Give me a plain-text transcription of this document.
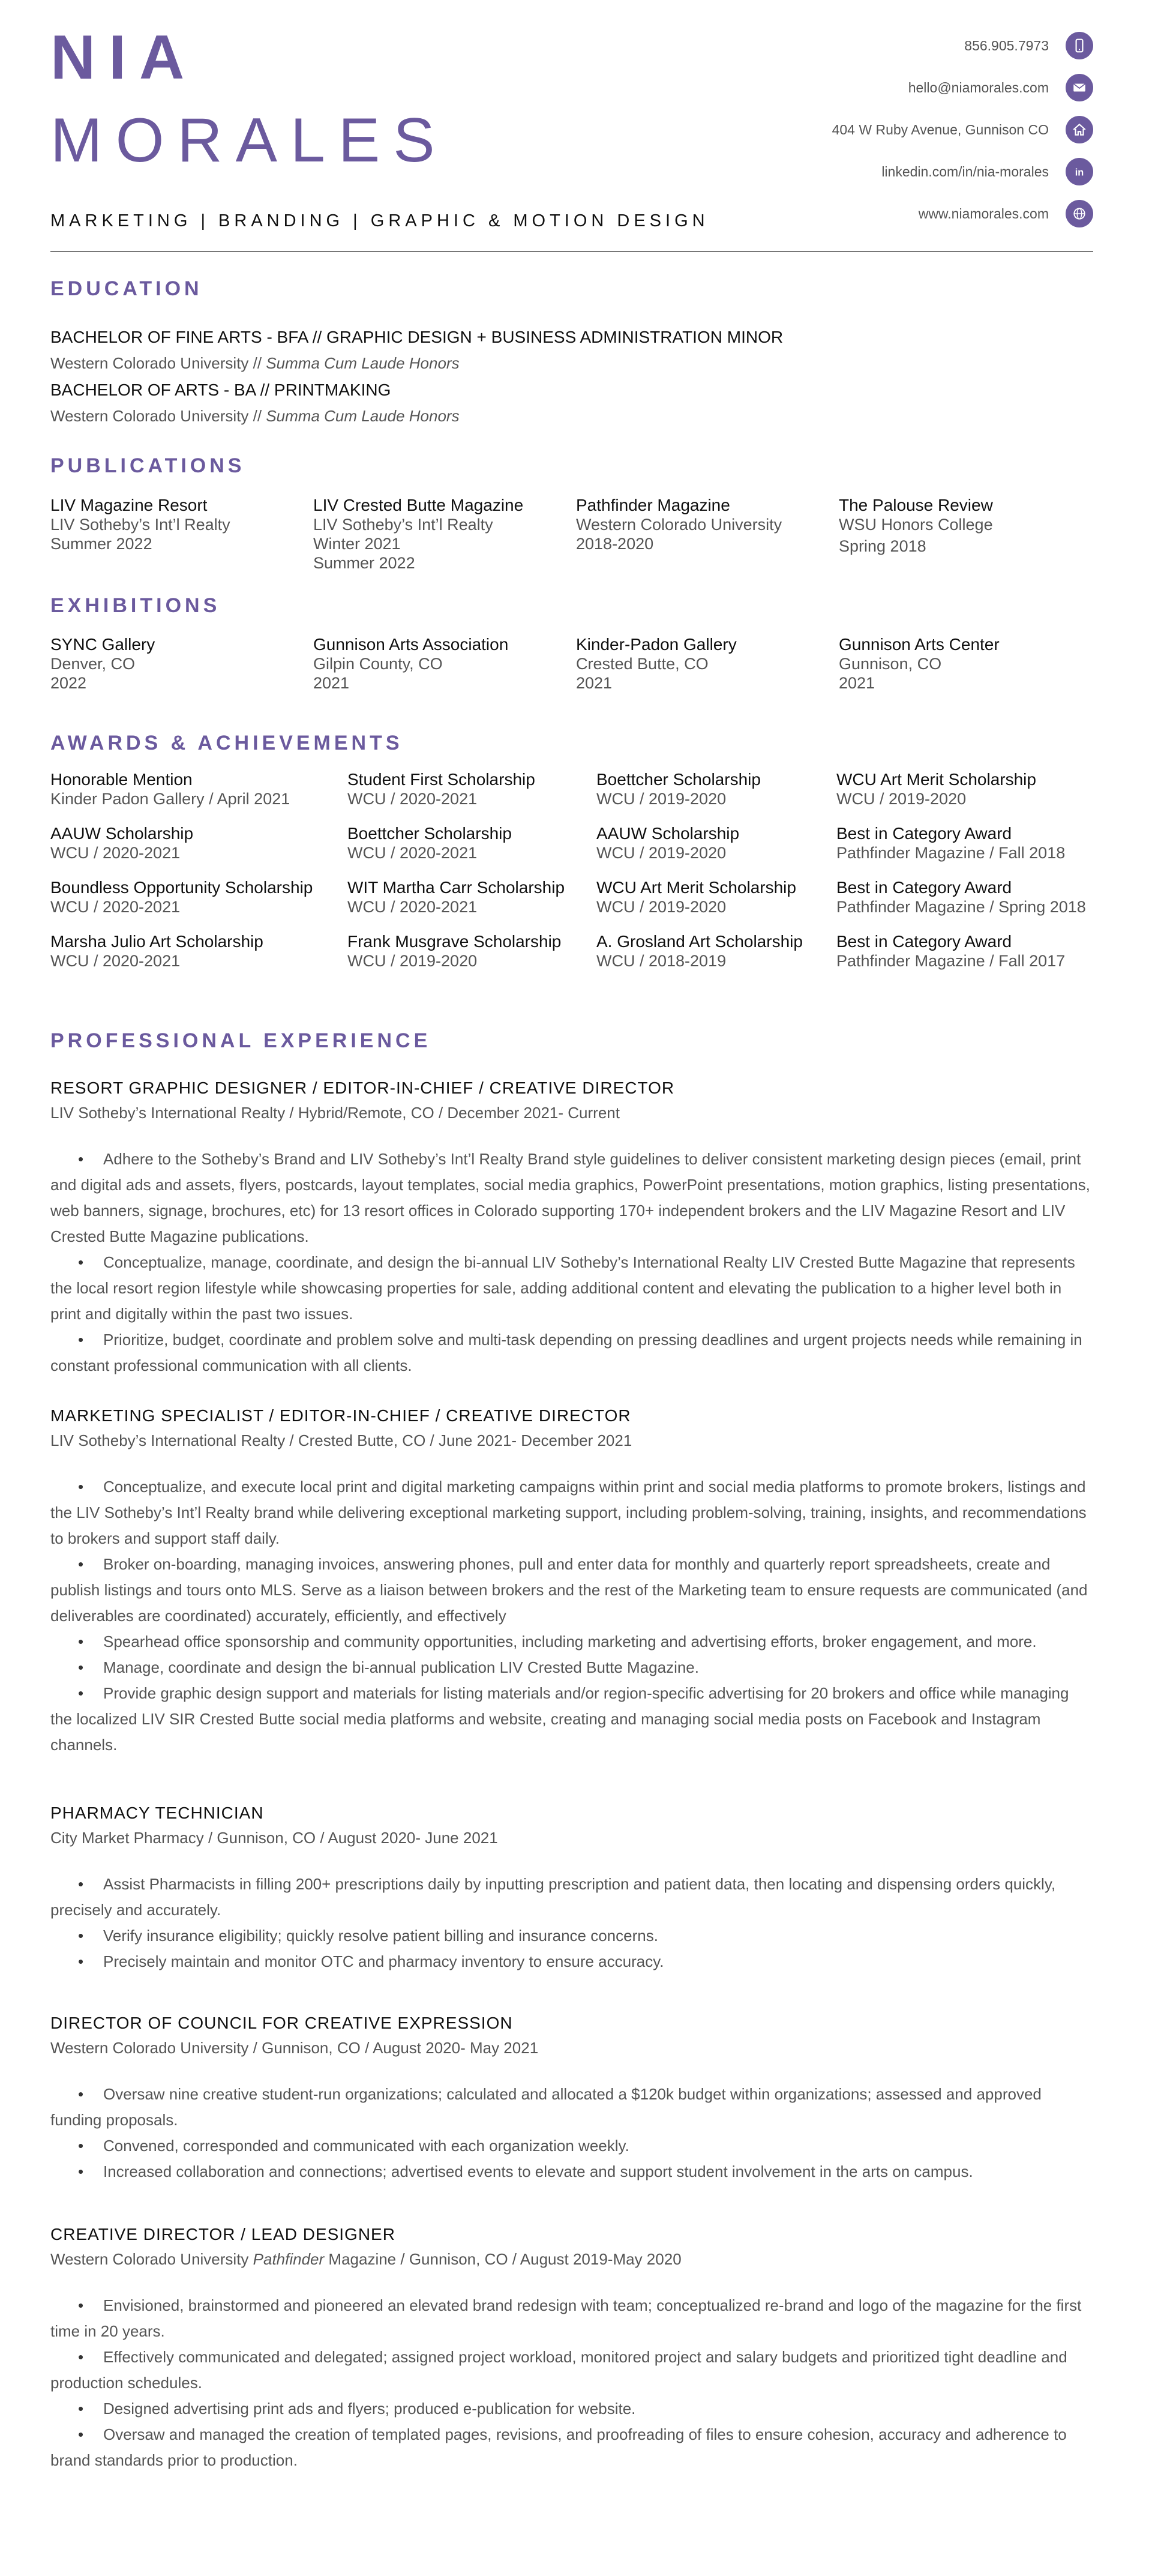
NIA
MORALES

MARKETING | BRANDING | GRAPHIC & MOTION DESIGN

856.905.7973
hello@niamorales.com
404 W Ruby Avenue, Gunnison CO
linkedin.com/in/nia-morales	in
www.niamorales.com
EDUCATION

BACHELOR OF FINE ARTS - BFA // GRAPHIC DESIGN + BUSINESS ADMINISTRATION MINOR

Western Colorado University // Summa Cum Laude Honors

BACHELOR OF ARTS - BA // PRINTMAKING

Western Colorado University // Summa Cum Laude Honors

PUBLICATIONS
LIV Magazine Resort
LIV Sotheby’s Int’l Realty
Summer 2022
LIV Crested Butte Magazine
LIV Sotheby’s Int’l Realty
Winter 2021
Summer 2022
Pathfinder Magazine
Western Colorado University
2018-2020
The Palouse Review
WSU Honors College
Spring 2018
EXHIBITIONS
SYNC Gallery
Denver, CO
2022
Gunnison Arts Association
Gilpin County, CO
2021
Kinder-Padon Gallery
Crested Butte, CO
2021
Gunnison Arts Center
Gunnison, CO
2021
AWARDS & ACHIEVEMENTS
Honorable Mention
Kinder Padon Gallery / April 2021
Student First Scholarship
WCU / 2020-2021
Boettcher Scholarship
WCU / 2019-2020
WCU Art Merit Scholarship
WCU / 2019-2020
AAUW Scholarship
WCU / 2020-2021
Boettcher Scholarship
WCU / 2020-2021
AAUW Scholarship
WCU / 2019-2020
Best in Category Award
Pathfinder Magazine / Fall 2018
Boundless Opportunity Scholarship
WCU / 2020-2021
WIT Martha Carr Scholarship
WCU / 2020-2021
WCU Art Merit Scholarship
WCU / 2019-2020
Best in Category Award
Pathfinder Magazine / Spring 2018
Marsha Julio Art Scholarship
WCU / 2020-2021
Frank Musgrave Scholarship
WCU / 2019-2020
A. Grosland Art Scholarship
WCU / 2018-2019
Best in Category Award
Pathfinder Magazine / Fall 2017
PROFESSIONAL EXPERIENCE
RESORT GRAPHIC DESIGNER / EDITOR-IN-CHIEF / CREATIVE DIRECTOR

LIV Sotheby’s International Realty / Hybrid/Remote, CO / December 2021- Current

• Adhere to the Sotheby’s Brand and LIV Sotheby’s Int’l Realty Brand style guidelines to deliver consistent marketing design pieces (email, print and digital ads and assets, flyers, postcards, layout templates, social media graphics, PowerPoint presentations, motion graphics, listing presentations, web banners, signage, brochures, etc) for 13 resort offices in Colorado supporting 170+ independent brokers and the LIV Magazine Resort and LIV Crested Butte Magazine publications.
• Conceptualize, manage, coordinate, and design the bi-annual LIV Sotheby’s International Realty LIV Crested Butte Magazine that represents the local resort region lifestyle while showcasing properties for sale, adding additional content and elevating the publication to a higher level both in print and digitally within the past two issues.
• Prioritize, budget, coordinate and problem solve and multi-task depending on pressing deadlines and urgent projects needs while remaining in constant professional communication with all clients.
MARKETING SPECIALIST / EDITOR-IN-CHIEF / CREATIVE DIRECTOR

LIV Sotheby’s International Realty / Crested Butte, CO / June 2021- December 2021

• Conceptualize, and execute local print and digital marketing campaigns within print and social media platforms to promote brokers, listings and the LIV Sotheby’s Int’l Realty brand while delivering exceptional marketing support, including problem-solving, training, insights, and recommendations to brokers and support staff daily.
• Broker on-boarding, managing invoices, answering phones, pull and enter data for monthly and quarterly report spreadsheets, create and publish listings and tours onto MLS. Serve as a liaison between brokers and the rest of the Marketing team to ensure requests are communicated (and deliverables are coordinated) accurately, efficiently, and effectively
• Spearhead office sponsorship and community opportunities, including marketing and advertising efforts, broker engagement, and more.
• Manage, coordinate and design the bi-annual publication LIV Crested Butte Magazine.
• Provide graphic design support and materials for listing materials and/or region-specific advertising for 20 brokers and office while managing the localized LIV SIR Crested Butte social media platforms and website, creating and managing social media posts on Facebook and Instagram channels.
PHARMACY TECHNICIAN

City Market Pharmacy / Gunnison, CO / August 2020- June 2021

• Assist Pharmacists in filling 200+ prescriptions daily by inputting prescription and patient data, then locating and dispensing orders quickly, precisely and accurately.
• Verify insurance eligibility; quickly resolve patient billing and insurance concerns.
• Precisely maintain and monitor OTC and pharmacy inventory to ensure accuracy.
DIRECTOR OF COUNCIL FOR CREATIVE EXPRESSION

Western Colorado University / Gunnison, CO / August 2020- May 2021

• Oversaw nine creative student-run organizations; calculated and allocated a $120k budget within organizations; assessed and approved funding proposals.
• Convened, corresponded and communicated with each organization weekly.
• Increased collaboration and connections; advertised events to elevate and support student involvement in the arts on campus.
CREATIVE DIRECTOR / LEAD DESIGNER

Western Colorado University Pathfinder Magazine / Gunnison, CO / August 2019-May 2020

• Envisioned, brainstormed and pioneered an elevated brand redesign with team; conceptualized re-brand and logo of the magazine for the first time in 20 years.
• Effectively communicated and delegated; assigned project workload, monitored project and salary budgets and prioritized tight deadline and production schedules.
• Designed advertising print ads and flyers; produced e-publication for website.
• Oversaw and managed the creation of templated pages, revisions, and proofreading of files to ensure cohesion, accuracy and adherence to brand standards prior to production.
